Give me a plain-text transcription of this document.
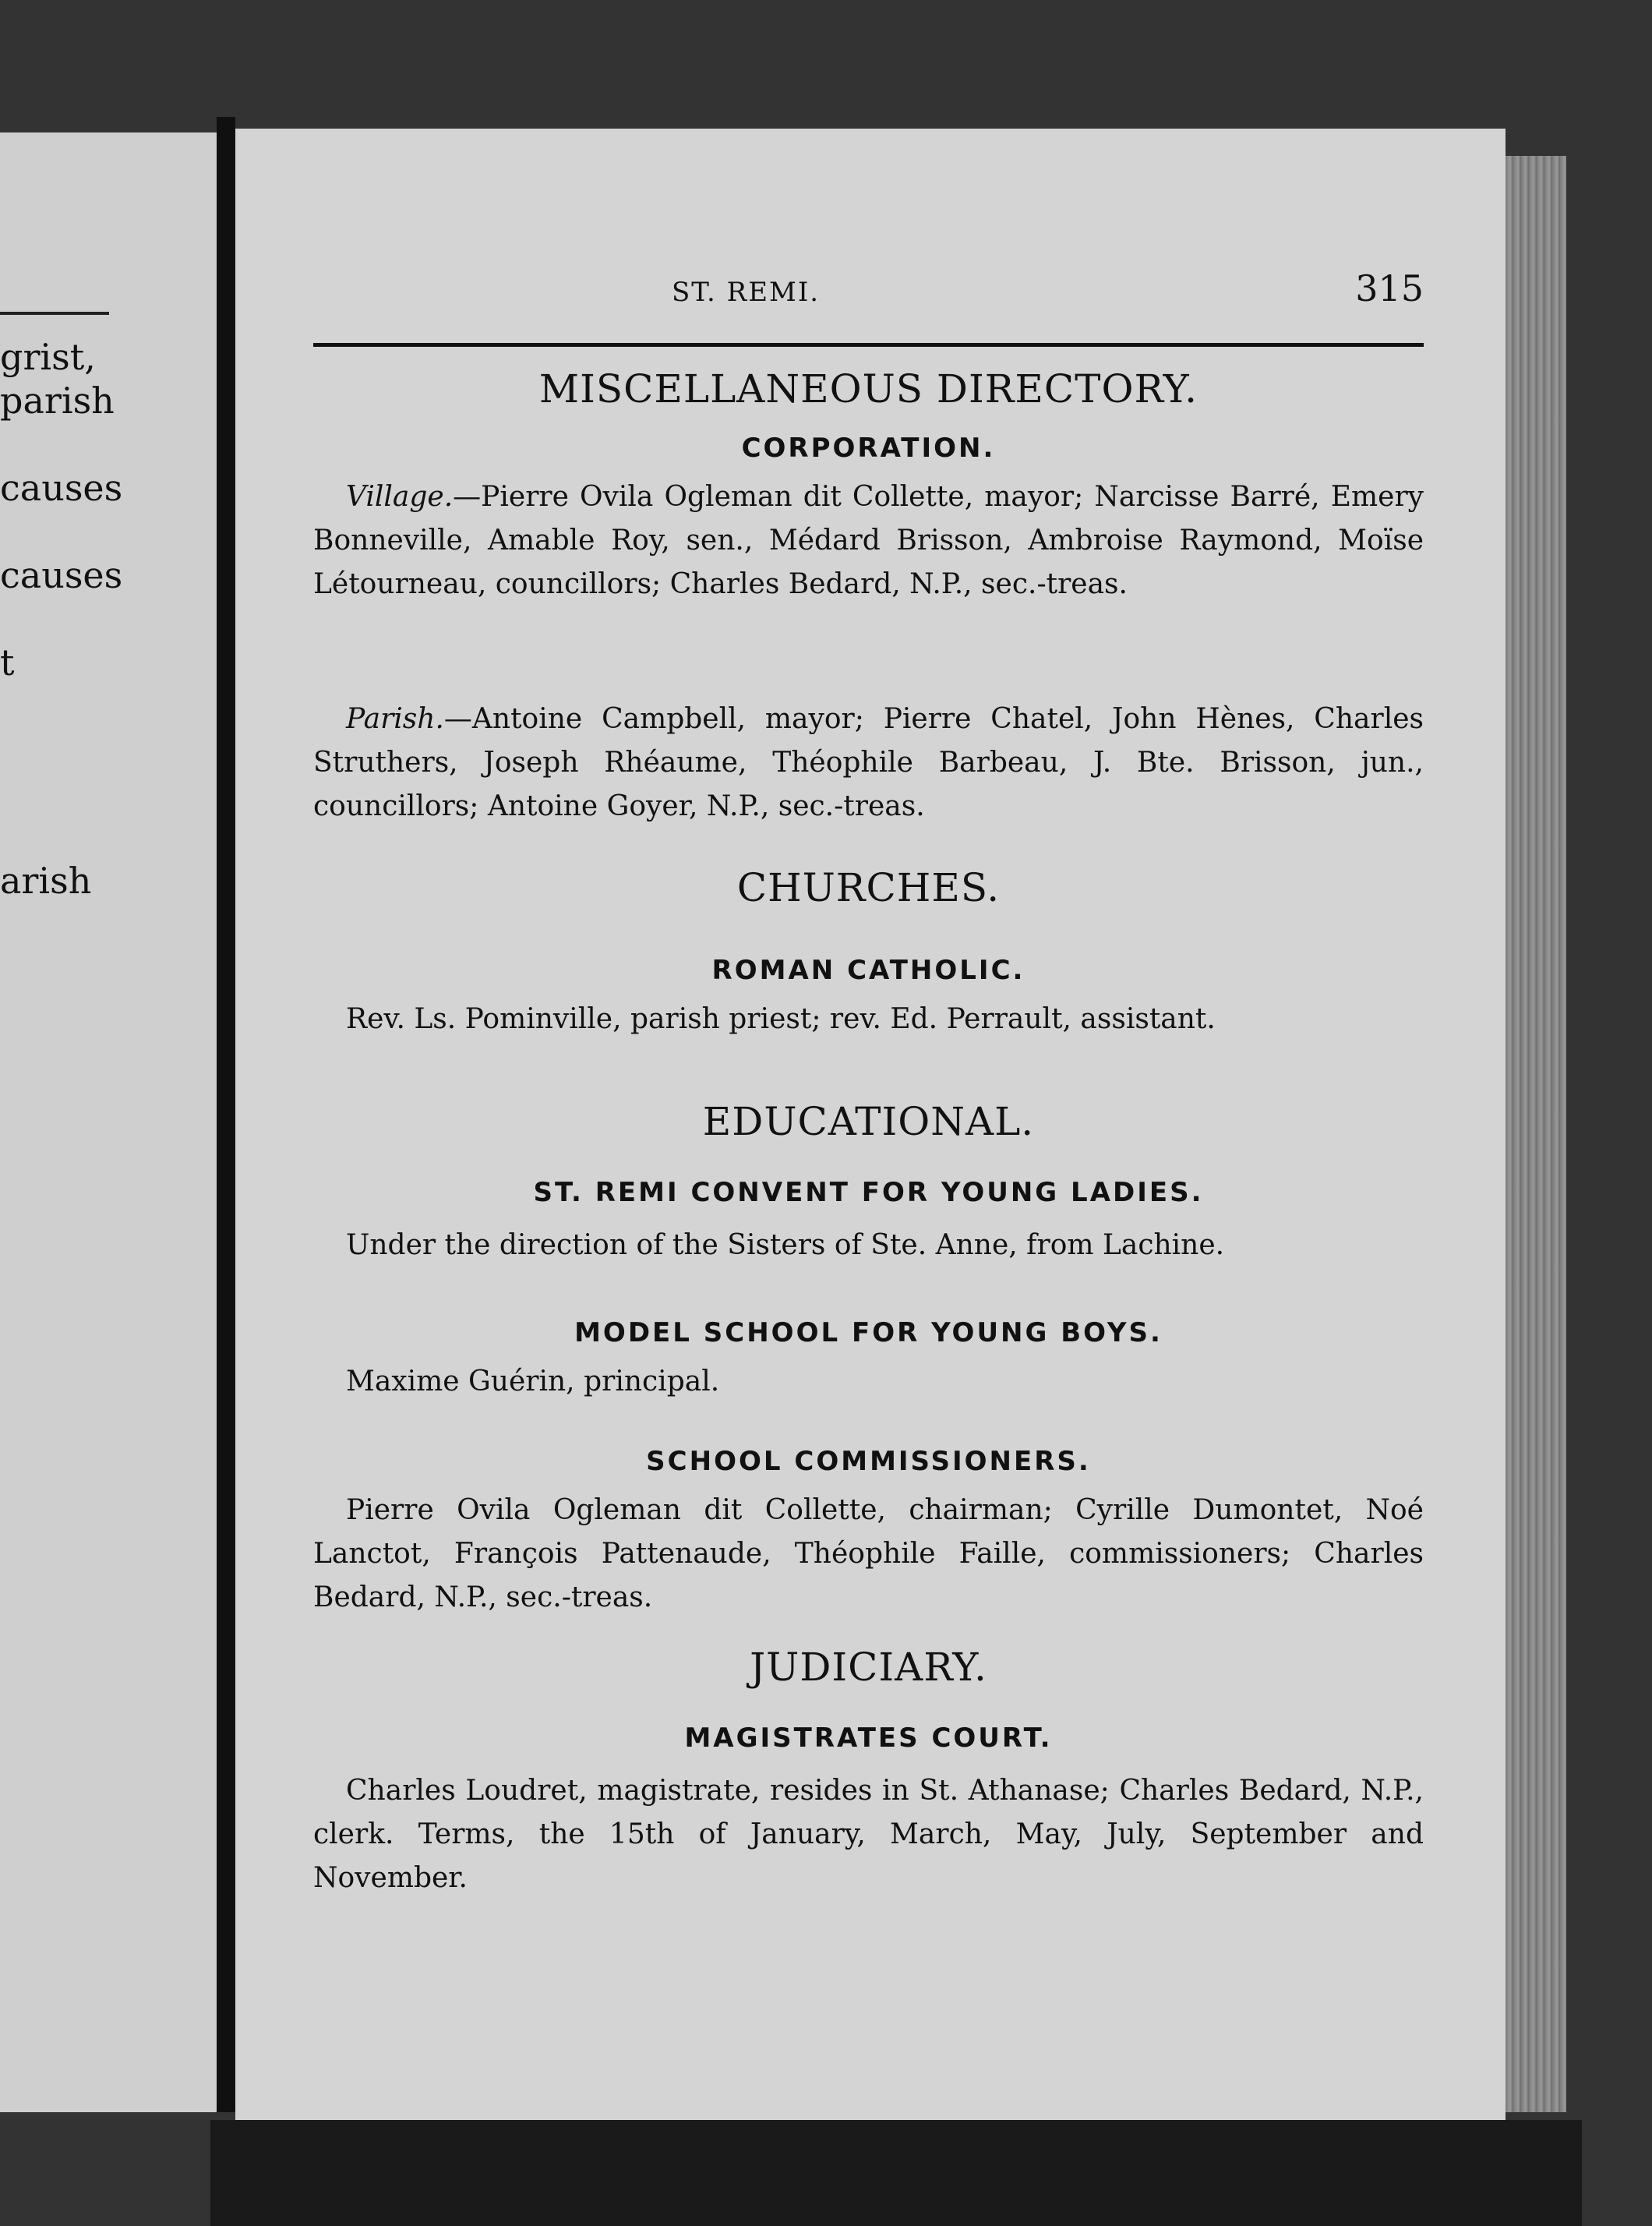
grist,
parish
causes
causes
t
arish
ST. REMI.	315
MISCELLANEOUS DIRECTORY.
CORPORATION.
Village.—Pierre Ovila Ogleman dit Collette, mayor; Narcisse Barré, Emery Bonneville, Amable Roy, sen., Médard Brisson, Ambroise Raymond, Moïse Létourneau, councillors; Charles Bedard, N.P., sec.-treas.
Parish.—Antoine Campbell, mayor; Pierre Chatel, John Hènes, Charles Struthers, Joseph Rhéaume, Théophile Barbeau, J. Bte. Brisson, jun., councillors; Antoine Goyer, N.P., sec.-treas.
CHURCHES.
ROMAN CATHOLIC.
Rev. Ls. Pominville, parish priest; rev. Ed. Perrault, assistant.
EDUCATIONAL.
ST. REMI CONVENT FOR YOUNG LADIES.
Under the direction of the Sisters of Ste. Anne, from Lachine.
MODEL SCHOOL FOR YOUNG BOYS.
Maxime Guérin, principal.
SCHOOL COMMISSIONERS.
Pierre Ovila Ogleman dit Collette, chairman; Cyrille Dumontet, Noé Lanctot, François Pattenaude, Théophile Faille, commissioners; Charles Bedard, N.P., sec.-treas.
JUDICIARY.
MAGISTRATES COURT.
Charles Loudret, magistrate, resides in St. Athanase; Charles Bedard, N.P., clerk. Terms, the 15th of January, March, May, July, September and November.
